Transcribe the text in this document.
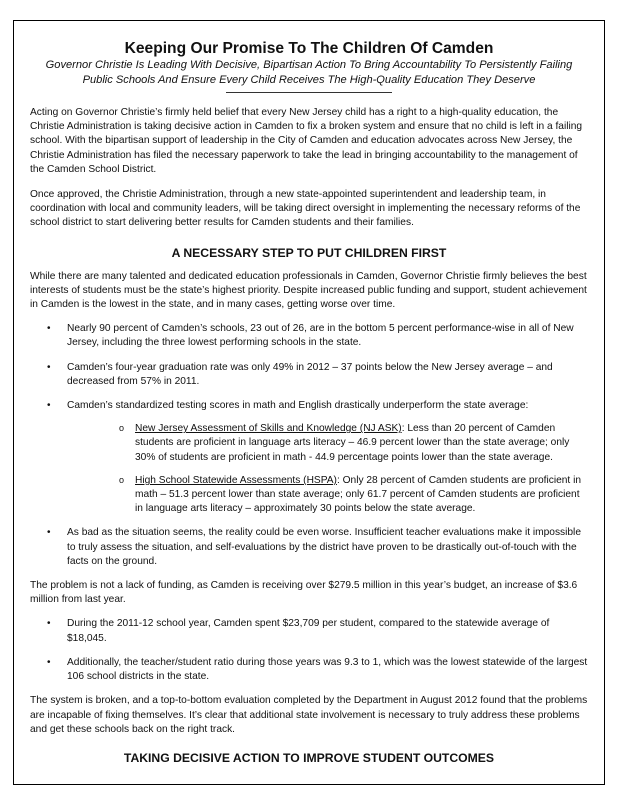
Keeping Our Promise To The Children Of Camden

Governor Christie Is Leading With Decisive, Bipartisan Action To Bring Accountability To Persistently Failing Public Schools And Ensure Every Child Receives The High-Quality Education They Deserve

Acting on Governor Christie’s firmly held belief that every New Jersey child has a right to a high-quality education, the Christie Administration is taking decisive action in Camden to fix a broken system and ensure that no child is left in a failing school. With the bipartisan support of leadership in the City of Camden and education advocates across New Jersey, the Christie Administration has filed the necessary paperwork to take the lead in bringing accountability to the management of the Camden School District.

Once approved, the Christie Administration, through a new state-appointed superintendent and leadership team, in coordination with local and community leaders, will be taking direct oversight in implementing the necessary reforms of the school district to start delivering better results for Camden students and their families.

A NECESSARY STEP TO PUT CHILDREN FIRST

While there are many talented and dedicated education professionals in Camden, Governor Christie firmly believes the best interests of students must be the state’s highest priority. Despite increased public funding and support, student achievement in Camden is the lowest in the state, and in many cases, getting worse over time.

• Nearly 90 percent of Camden’s schools, 23 out of 26, are in the bottom 5 percent performance-wise in all of New Jersey, including the three lowest performing schools in the state.
• Camden’s four-year graduation rate was only 49% in 2012 – 37 points below the New Jersey average – and decreased from 57% in 2011.
• Camden’s standardized testing scores in math and English drastically underperform the state average:
o New Jersey Assessment of Skills and Knowledge (NJ ASK): Less than 20 percent of Camden students are proficient in language arts literacy – 46.9 percent lower than the state average; only 30% of students are proficient in math - 44.9 percentage points lower than the state average.
o High School Statewide Assessments (HSPA): Only 28 percent of Camden students are proficient in math – 51.3 percent lower than state average; only 61.7 percent of Camden students are proficient in language arts literacy – approximately 30 points below the state average.
• As bad as the situation seems, the reality could be even worse. Insufficient teacher evaluations make it impossible to truly assess the situation, and self-evaluations by the district have proven to be drastically out-of-touch with the facts on the ground.

The problem is not a lack of funding, as Camden is receiving over $279.5 million in this year’s budget, an increase of $3.6 million from last year.

• During the 2011-12 school year, Camden spent $23,709 per student, compared to the statewide average of $18,045.
• Additionally, the teacher/student ratio during those years was 9.3 to 1, which was the lowest statewide of the largest 106 school districts in the state.

The system is broken, and a top-to-bottom evaluation completed by the Department in August 2012 found that the problems are incapable of fixing themselves. It’s clear that additional state involvement is necessary to truly address these problems and get these schools back on the right track.

TAKING DECISIVE ACTION TO IMPROVE STUDENT OUTCOMES
